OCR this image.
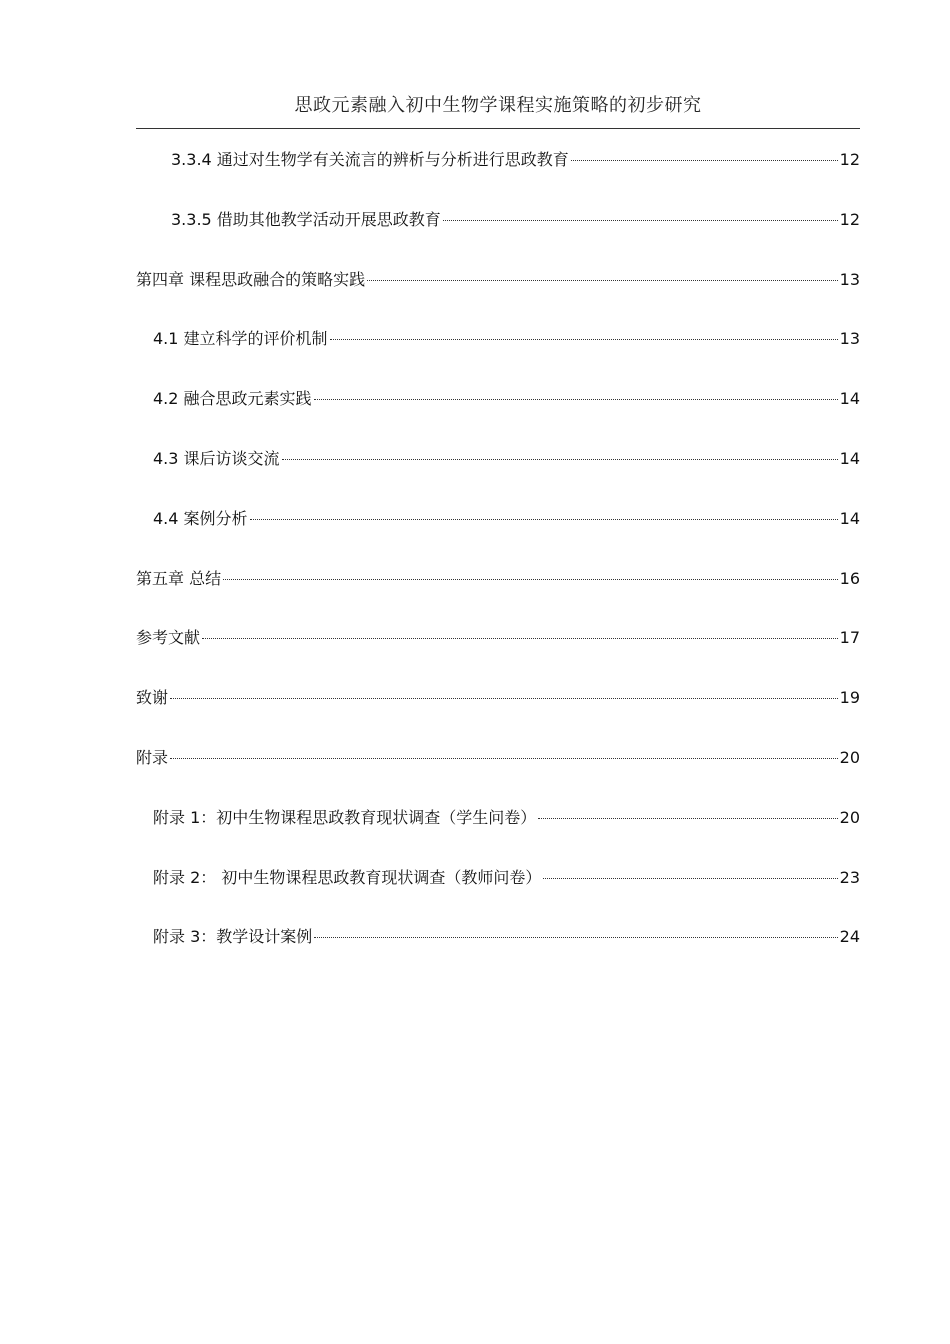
思政元素融入初中生物学课程实施策略的初步研究
3.3.4 通过对生物学有关流言的辨析与分析进行思政教育	12
3.3.5 借助其他教学活动开展思政教育	12
第四章 课程思政融合的策略实践	13
4.1 建立科学的评价机制	13
4.2 融合思政元素实践	14
4.3 课后访谈交流	14
4.4 案例分析	14
第五章 总结	16
参考文献	17
致谢	19
附录	20
附录 1：初中生物课程思政教育现状调查（学生问卷）	20
附录 2： 初中生物课程思政教育现状调查（教师问卷）	23
附录 3：教学设计案例	24
